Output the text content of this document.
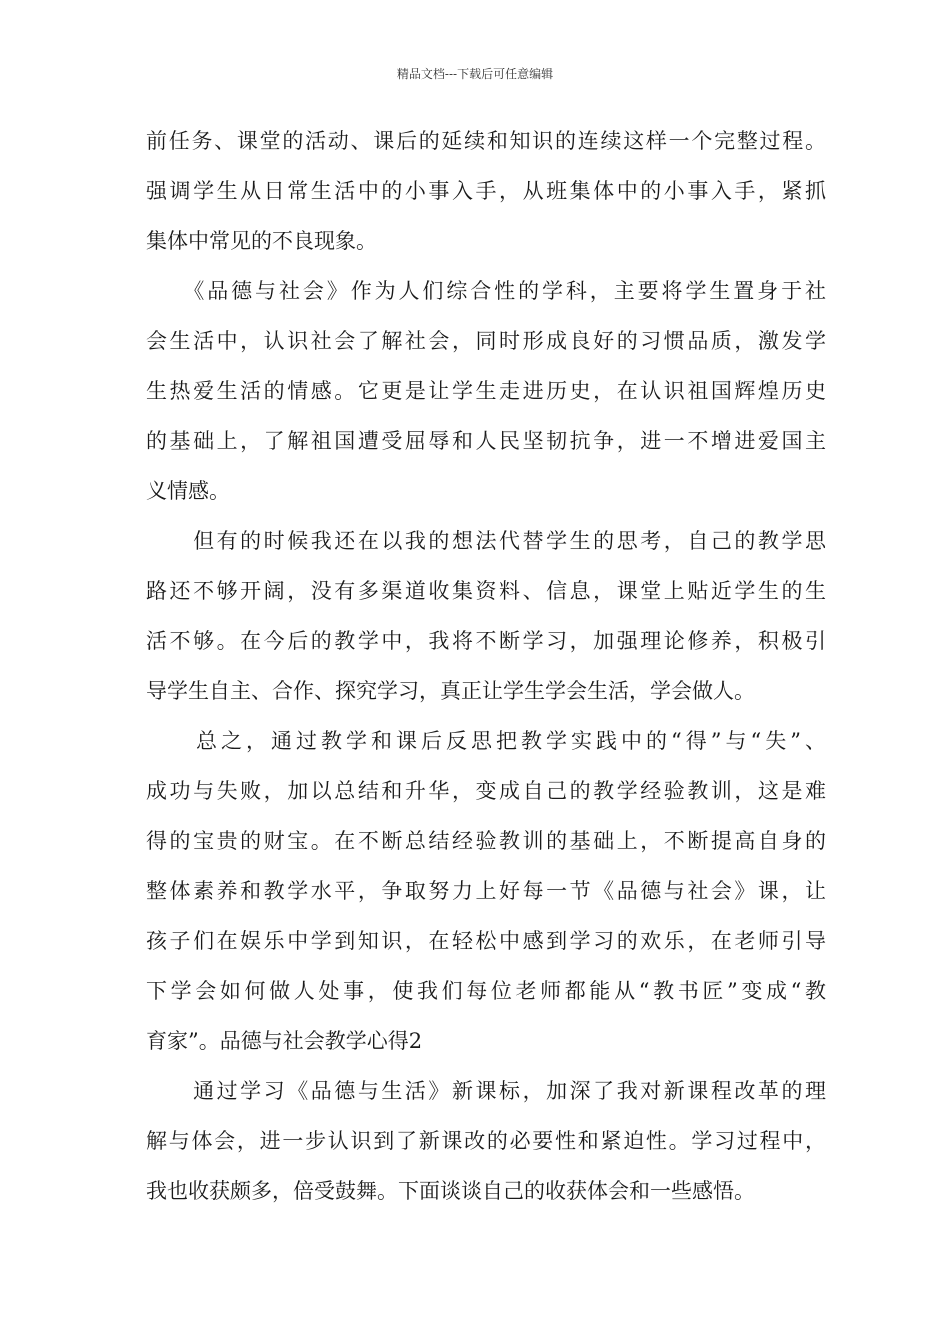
精品文档---下载后可任意编辑
前任务、课堂的活动、课后的延续和知识的连续这样一个完整过程。
强调学生从日常生活中的小事入手，从班集体中的小事入手，紧抓
集体中常见的不良现象。
　　《品德与社会》作为人们综合性的学科，主要将学生置身于社
会生活中，认识社会了解社会，同时形成良好的习惯品质，激发学
生热爱生活的情感。它更是让学生走进历史，在认识祖国辉煌历史
的基础上，了解祖国遭受屈辱和人民坚韧抗争，进一不增进爱国主
义情感。
　　但有的时候我还在以我的想法代替学生的思考，自己的教学思
路还不够开阔，没有多渠道收集资料、信息，课堂上贴近学生的生
活不够。在今后的教学中，我将不断学习，加强理论修养，积极引
导学生自主、合作、探究学习，真正让学生学会生活，学会做人。
　　总之，通过教学和课后反思把教学实践中的“得”与“失”、
成功与失败，加以总结和升华，变成自己的教学经验教训，这是难
得的宝贵的财宝。在不断总结经验教训的基础上，不断提高自身的
整体素养和教学水平，争取努力上好每一节《品德与社会》课，让
孩子们在娱乐中学到知识，在轻松中感到学习的欢乐，在老师引导
下学会如何做人处事，使我们每位老师都能从“教书匠”变成“教
育家”。品德与社会教学心得2
　　通过学习《品德与生活》新课标，加深了我对新课程改革的理
解与体会，进一步认识到了新课改的必要性和紧迫性。学习过程中，
我也收获颇多，倍受鼓舞。下面谈谈自己的收获体会和一些感悟。
